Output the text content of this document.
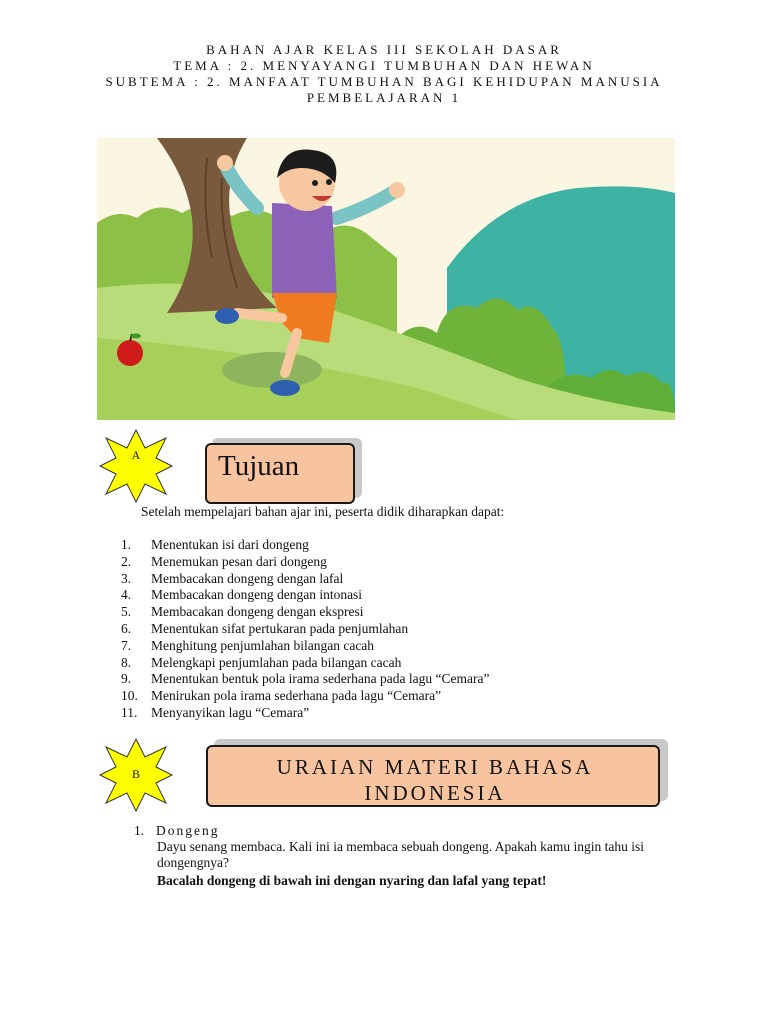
BAHAN AJAR KELAS III SEKOLAH DASAR
TEMA : 2. MENYAYANGI TUMBUHAN DAN HEWAN
SUBTEMA : 2. MANFAAT TUMBUHAN BAGI KEHIDUPAN MANUSIA
PEMBELAJARAN 1
A	Tujuan
Setelah mempelajari bahan ajar ini, peserta didik diharapkan dapat:
1.	Menentukan isi dari dongeng
2.	Menemukan pesan dari dongeng
3.	Membacakan dongeng dengan lafal
4.	Membacakan dongeng dengan intonasi
5.	Membacakan dongeng dengan ekspresi
6.	Menentukan sifat pertukaran pada penjumlahan
7.	Menghitung penjumlahan bilangan cacah
8.	Melengkapi penjumlahan pada bilangan cacah
9.	Menentukan bentuk pola irama sederhana pada lagu “Cemara”
10. Menirukan pola irama sederhana pada lagu “Cemara”
11.	Menyanyikan lagu “Cemara”
B	URAIAN MATERI BAHASA
INDONESIA
1. Dongeng
Dayu senang membaca. Kali ini ia membaca sebuah dongeng. Apakah kamu ingin tahu isi dongengnya?
Bacalah dongeng di bawah ini dengan nyaring dan lafal yang tepat!
